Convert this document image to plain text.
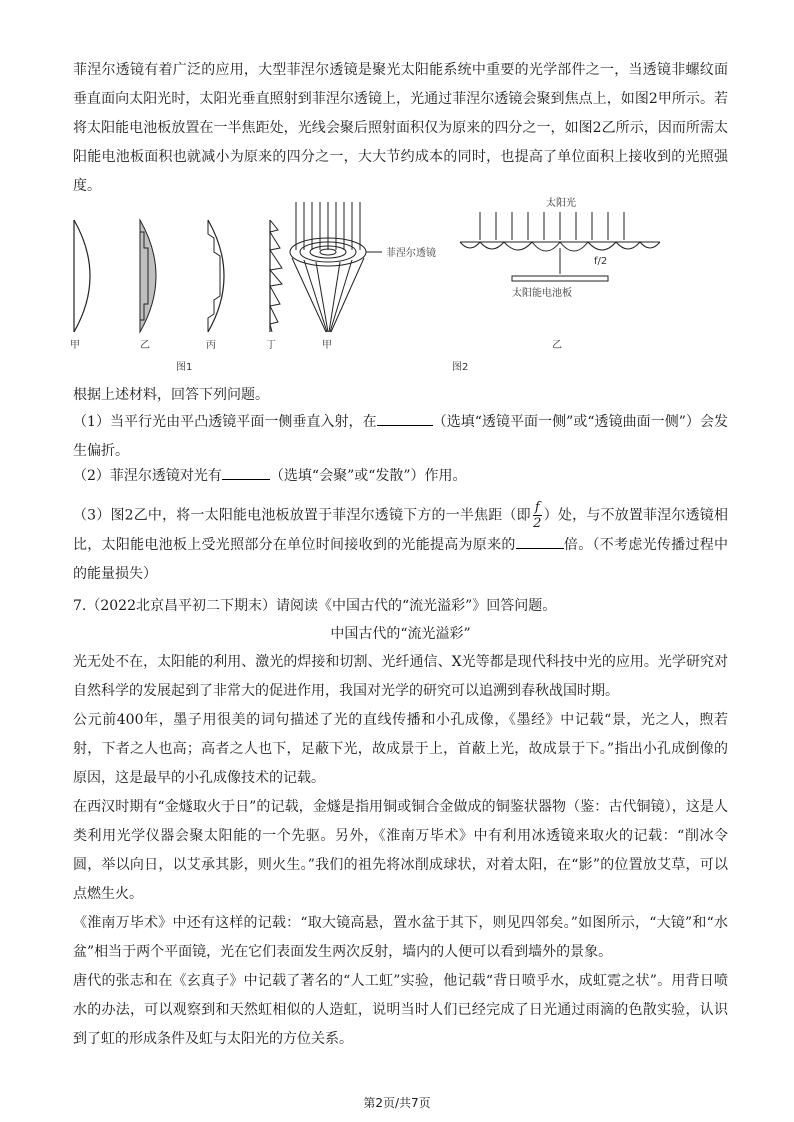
菲涅尔透镜有着广泛的应用，大型菲涅尔透镜是聚光太阳能系统中重要的光学部件之一，当透镜非螺纹面垂直面向太阳光时，太阳光垂直照射到菲涅尔透镜上，光通过菲涅尔透镜会聚到焦点上，如图2甲所示。若将太阳能电池板放置在一半焦距处，光线会聚后照射面积仅为原来的四分之一，如图2乙所示，因而所需太阳能电池板面积也就减小为原来的四分之一，大大节约成本的同时，也提高了单位面积上接收到的光照强度。

菲涅尔透镜
太阳光
f/2
太阳能电池板
甲	乙	丙	丁	甲	乙
图1	图2

根据上述材料，回答下列问题。

（1）当平行光由平凸透镜平面一侧垂直入射，在	（选填“透镜平面一侧”或“透镜曲面一侧”）会发生偏折。

（2）菲涅尔透镜对光有	（选填“会聚”或“发散”）作用。

（3）图2乙中，将一太阳能电池板放置于菲涅尔透镜下方的一半焦距（即 $\frac{f}{2}$ ）处，与不放置菲涅尔透镜相比，太阳能电池板上受光照部分在单位时间接收到的光能提高为原来的	倍。（不考虑光传播过程中的能量损失）

7.（2022北京昌平初二下期末）请阅读《中国古代的“流光溢彩”》回答问题。

中国古代的“流光溢彩”

光无处不在，太阳能的利用、激光的焊接和切割、光纤通信、X光等都是现代科技中光的应用。光学研究对自然科学的发展起到了非常大的促进作用，我国对光学的研究可以追溯到春秋战国时期。

公元前400年，墨子用很美的词句描述了光的直线传播和小孔成像，《墨经》中记载“景，光之人，煦若射，下者之人也高；高者之人也下，足蔽下光，故成景于上，首蔽上光，故成景于下。”指出小孔成倒像的原因，这是最早的小孔成像技术的记载。

在西汉时期有“金燧取火于日”的记载，金燧是指用铜或铜合金做成的铜鉴状器物（鉴：古代铜镜），这是人类利用光学仪器会聚太阳能的一个先驱。另外，《淮南万毕术》中有利用冰透镜来取火的记载：“削冰令圆，举以向日，以艾承其影，则火生。”我们的祖先将冰削成球状，对着太阳，在“影”的位置放艾草，可以点燃生火。

《淮南万毕术》中还有这样的记载：“取大镜高悬，置水盆于其下，则见四邻矣。”如图所示，“大镜”和“水盆”相当于两个平面镜，光在它们表面发生两次反射，墙内的人便可以看到墙外的景象。

唐代的张志和在《玄真子》中记载了著名的“人工虹”实验，他记载“背日喷乎水，成虹霓之状”。用背日喷水的办法，可以观察到和天然虹相似的人造虹，说明当时人们已经完成了日光通过雨滴的色散实验，认识到了虹的形成条件及虹与太阳光的方位关系。

第2页/共7页
